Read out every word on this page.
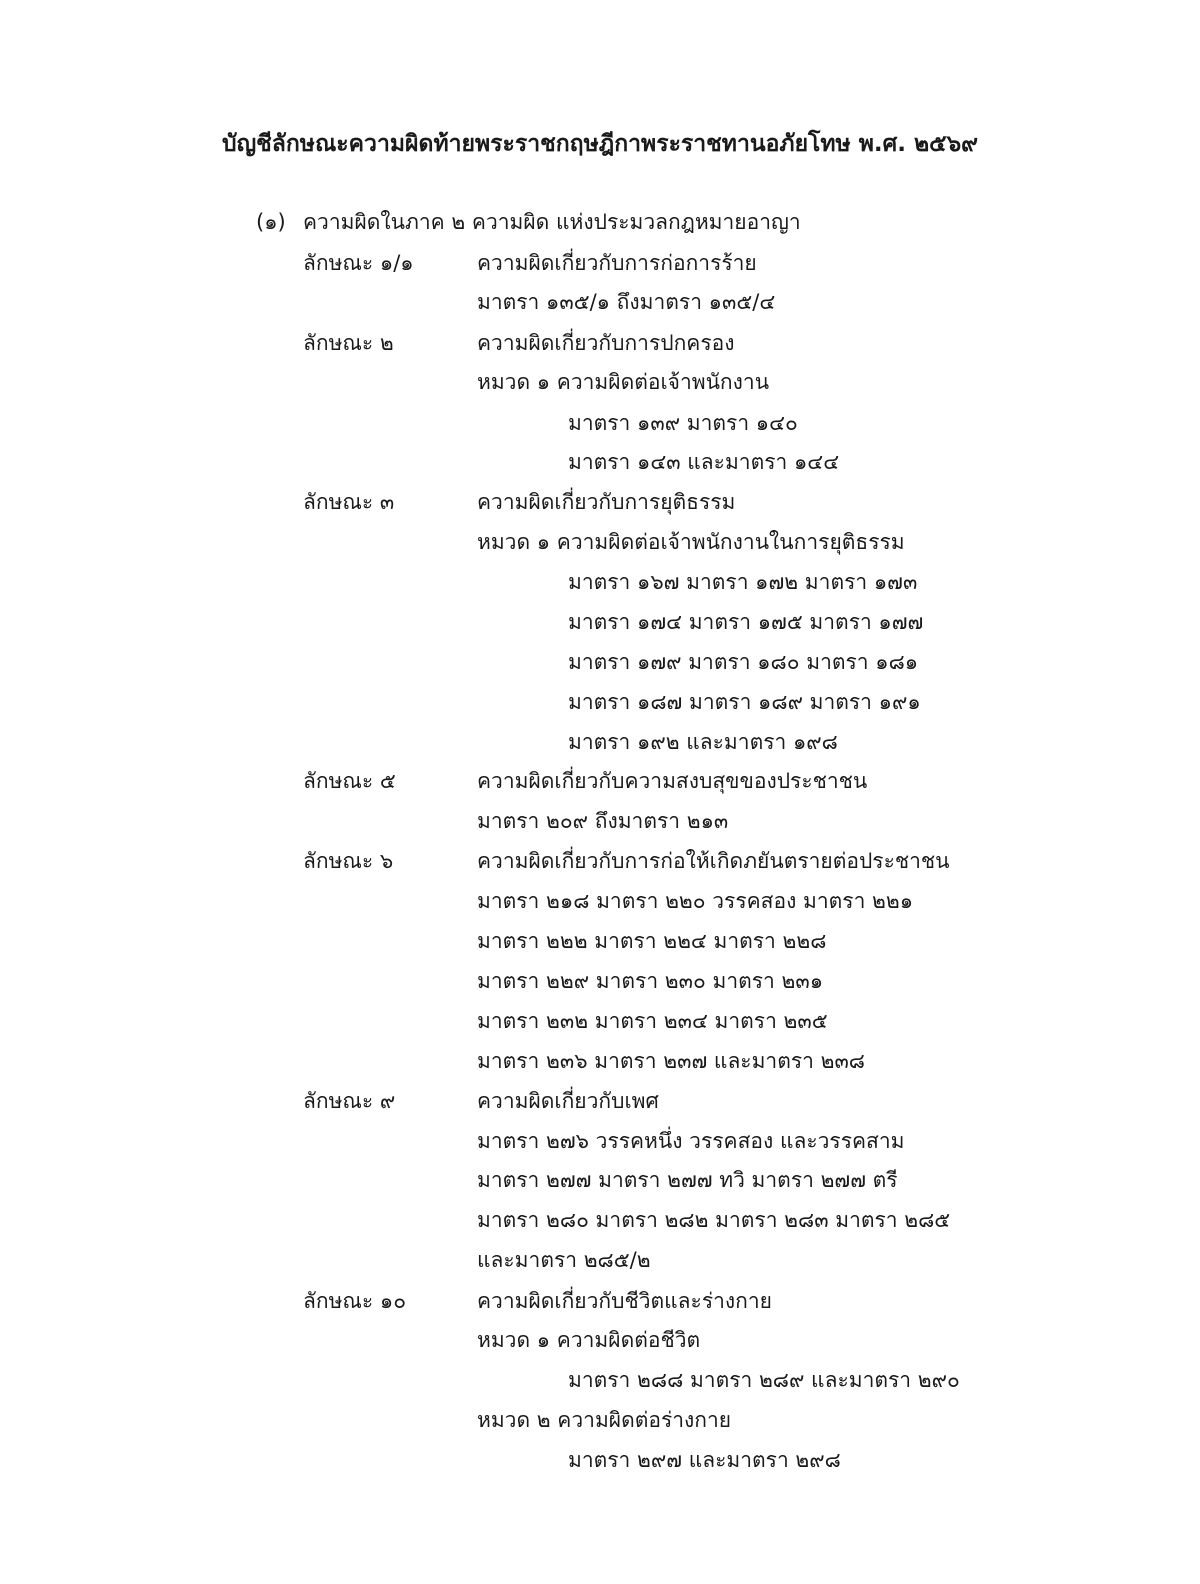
บัญชีลักษณะความผิดท้ายพระราชกฤษฎีกาพระราชทานอภัยโทษ พ.ศ. ๒๕๖๙
(๑) ความผิดในภาค ๒ ความผิด แห่งประมวลกฎหมายอาญา
ลักษณะ ๑/๑	ความผิดเกี่ยวกับการก่อการร้าย
มาตรา ๑๓๕/๑ ถึงมาตรา ๑๓๕/๔
ลักษณะ ๒	ความผิดเกี่ยวกับการปกครอง
หมวด ๑ ความผิดต่อเจ้าพนักงาน
มาตรา ๑๓๙ มาตรา ๑๔๐
มาตรา ๑๔๓ และมาตรา ๑๔๔
ลักษณะ ๓	ความผิดเกี่ยวกับการยุติธรรม
หมวด ๑ ความผิดต่อเจ้าพนักงานในการยุติธรรม
มาตรา ๑๖๗ มาตรา ๑๗๒ มาตรา ๑๗๓
มาตรา ๑๗๔ มาตรา ๑๗๕ มาตรา ๑๗๗
มาตรา ๑๗๙ มาตรา ๑๘๐ มาตรา ๑๘๑
มาตรา ๑๘๗ มาตรา ๑๘๙ มาตรา ๑๙๑
มาตรา ๑๙๒ และมาตรา ๑๙๘
ลักษณะ ๕	ความผิดเกี่ยวกับความสงบสุขของประชาชน
มาตรา ๒๐๙ ถึงมาตรา ๒๑๓
ลักษณะ ๖	ความผิดเกี่ยวกับการก่อให้เกิดภยันตรายต่อประชาชน
มาตรา ๒๑๘ มาตรา ๒๒๐ วรรคสอง มาตรา ๒๒๑
มาตรา ๒๒๒ มาตรา ๒๒๔ มาตรา ๒๒๘
มาตรา ๒๒๙ มาตรา ๒๓๐ มาตรา ๒๓๑
มาตรา ๒๓๒ มาตรา ๒๓๔ มาตรา ๒๓๕
มาตรา ๒๓๖ มาตรา ๒๓๗ และมาตรา ๒๓๘
ลักษณะ ๙	ความผิดเกี่ยวกับเพศ
มาตรา ๒๗๖ วรรคหนึ่ง วรรคสอง และวรรคสาม
มาตรา ๒๗๗ มาตรา ๒๗๗ ทวิ มาตรา ๒๗๗ ตรี
มาตรา ๒๘๐ มาตรา ๒๘๒ มาตรา ๒๘๓ มาตรา ๒๘๕
และมาตรา ๒๘๕/๒
ลักษณะ ๑๐	ความผิดเกี่ยวกับชีวิตและร่างกาย
หมวด ๑ ความผิดต่อชีวิต
มาตรา ๒๘๘ มาตรา ๒๘๙ และมาตรา ๒๙๐
หมวด ๒ ความผิดต่อร่างกาย
มาตรา ๒๙๗ และมาตรา ๒๙๘
